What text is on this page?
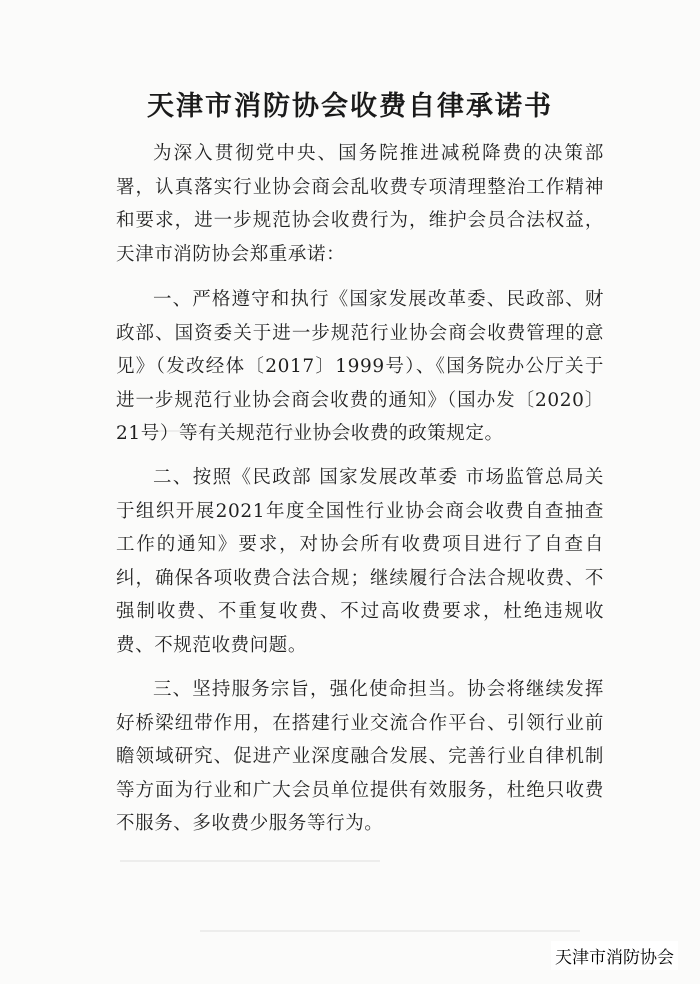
天津市消防协会收费自律承诺书

为深入贯彻党中央、国务院推进减税降费的决策部署，认真落实行业协会商会乱收费专项清理整治工作精神和要求，进一步规范协会收费行为，维护会员合法权益，天津市消防协会郑重承诺：

一、严格遵守和执行《国家发展改革委、民政部、财政部、国资委关于进一步规范行业协会商会收费管理的意见》（发改经体〔2017〕1999号）、《国务院办公厅关于进一步规范行业协会商会收费的通知》（国办发〔2020〕21号）等有关规范行业协会收费的政策规定。

二、按照《民政部 国家发展改革委 市场监管总局关于组织开展2021年度全国性行业协会商会收费自查抽查工作的通知》要求，对协会所有收费项目进行了自查自纠，确保各项收费合法合规；继续履行合法合规收费、不强制收费、不重复收费、不过高收费要求，杜绝违规收费、不规范收费问题。

三、坚持服务宗旨，强化使命担当。协会将继续发挥好桥梁纽带作用，在搭建行业交流合作平台、引领行业前瞻领域研究、促进产业深度融合发展、完善行业自律机制等方面为行业和广大会员单位提供有效服务，杜绝只收费不服务、多收费少服务等行为。

天津市消防协会
